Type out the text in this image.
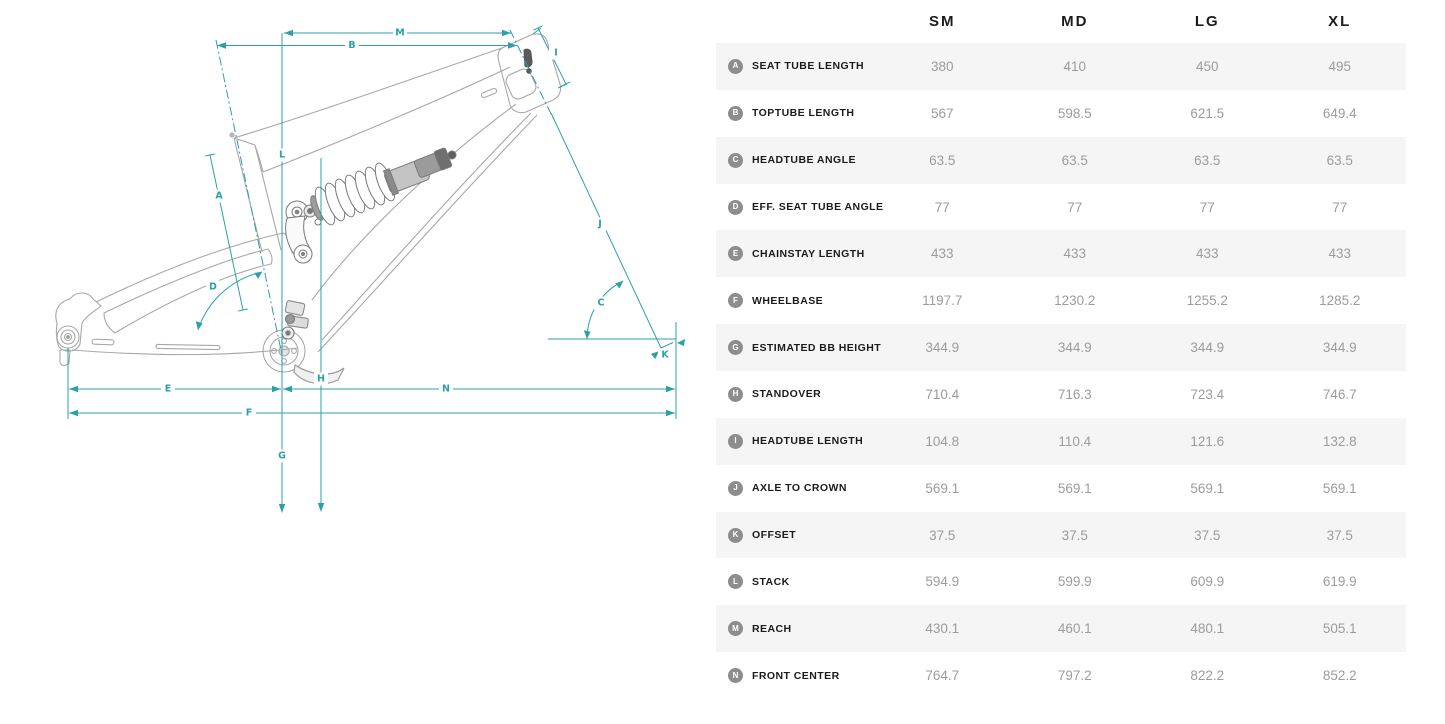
A
B
C
D
E
F
G
H
I
J
K
L
M
N
SM	MD	LG	XL
A	SEAT TUBE LENGTH	380	410	450	495
B	TOPTUBE LENGTH	567	598.5	621.5	649.4
C	HEADTUBE ANGLE	63.5	63.5	63.5	63.5
D	EFF. SEAT TUBE ANGLE	77	77	77	77
E	CHAINSTAY LENGTH	433	433	433	433
F	WHEELBASE	1197.7	1230.2	1255.2	1285.2
G	ESTIMATED BB HEIGHT	344.9	344.9	344.9	344.9
H	STANDOVER	710.4	716.3	723.4	746.7
I	HEADTUBE LENGTH	104.8	110.4	121.6	132.8
J	AXLE TO CROWN	569.1	569.1	569.1	569.1
K	OFFSET	37.5	37.5	37.5	37.5
L	STACK	594.9	599.9	609.9	619.9
M	REACH	430.1	460.1	480.1	505.1
N	FRONT CENTER	764.7	797.2	822.2	852.2
